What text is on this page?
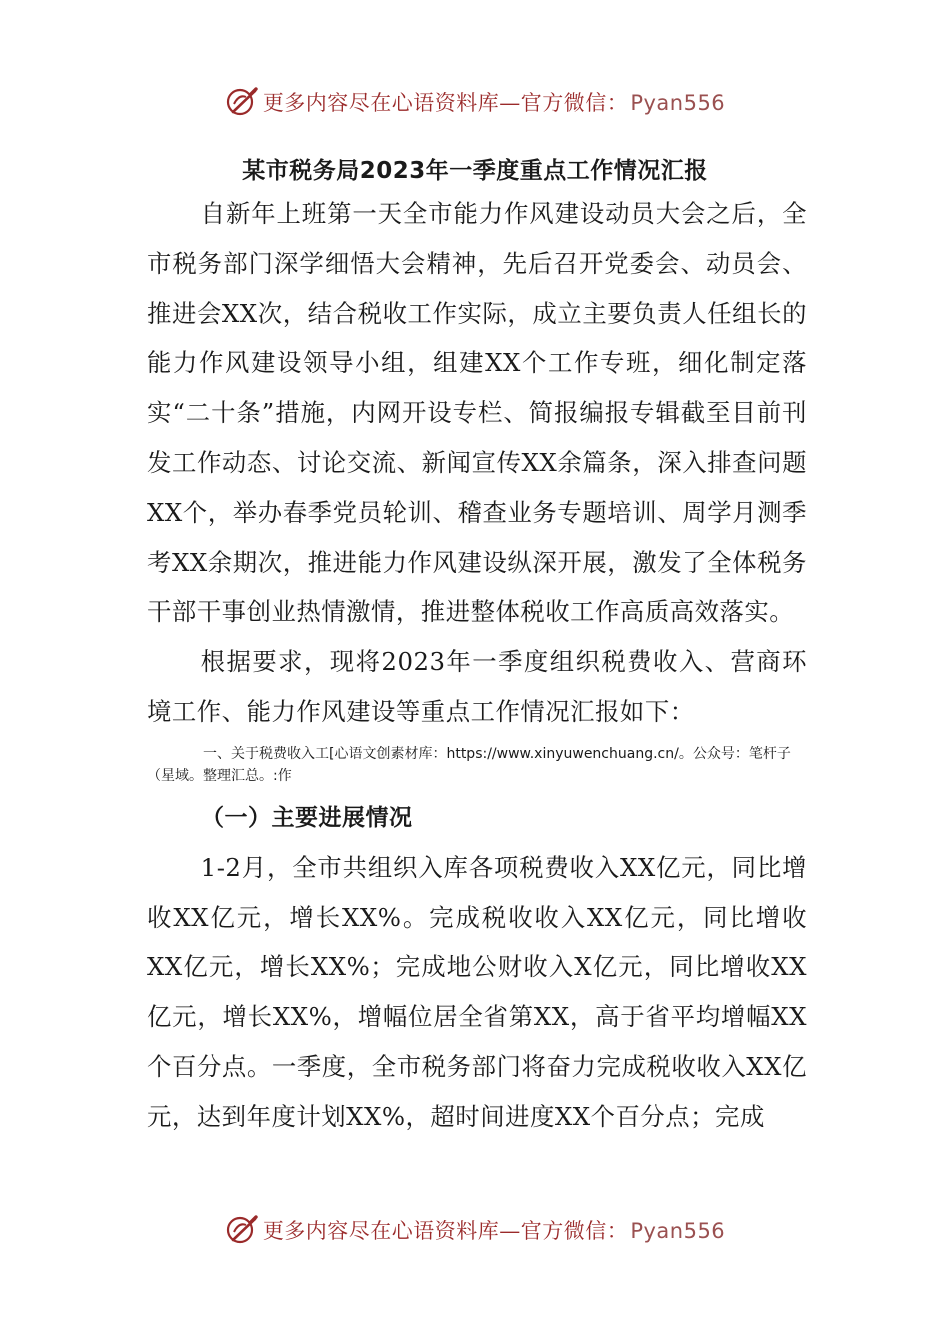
更多内容尽在心语资料库—官方微信：Pyan556
某市税务局2023年一季度重点工作情况汇报

自新年上班第一天全市能力作风建设动员大会之后，全市税务部门深学细悟大会精神，先后召开党委会、动员会、推进会XX次，结合税收工作实际，成立主要负责人任组长的能力作风建设领导小组，组建XX个工作专班，细化制定落实“二十条”措施，内网开设专栏、简报编报专辑截至目前刊发工作动态、讨论交流、新闻宣传XX余篇条，深入排查问题XX个，举办春季党员轮训、稽查业务专题培训、周学月测季考XX余期次，推进能力作风建设纵深开展，激发了全体税务干部干事创业热情激情，推进整体税收工作高质高效落实。

根据要求，现将2023年一季度组织税费收入、营商环境工作、能力作风建设等重点工作情况汇报如下：

一、关于税费收入工[心语文创素材库：https://www.xinyuwenchuang.cn/。公众号：笔杆子（星域。整理汇总。:作

（一）主要进展情况

1-2月，全市共组织入库各项税费收入XX亿元，同比增收XX亿元，增长XX%。完成税收收入XX亿元，同比增收XX亿元，增长XX%；完成地公财收入X亿元，同比增收XX亿元，增长XX%，增幅位居全省第XX，高于省平均增幅XX个百分点。一季度，全市税务部门将奋力完成税收收入XX亿元，达到年度计划XX%，超时间进度XX个百分点；完成

更多内容尽在心语资料库—官方微信：Pyan556
